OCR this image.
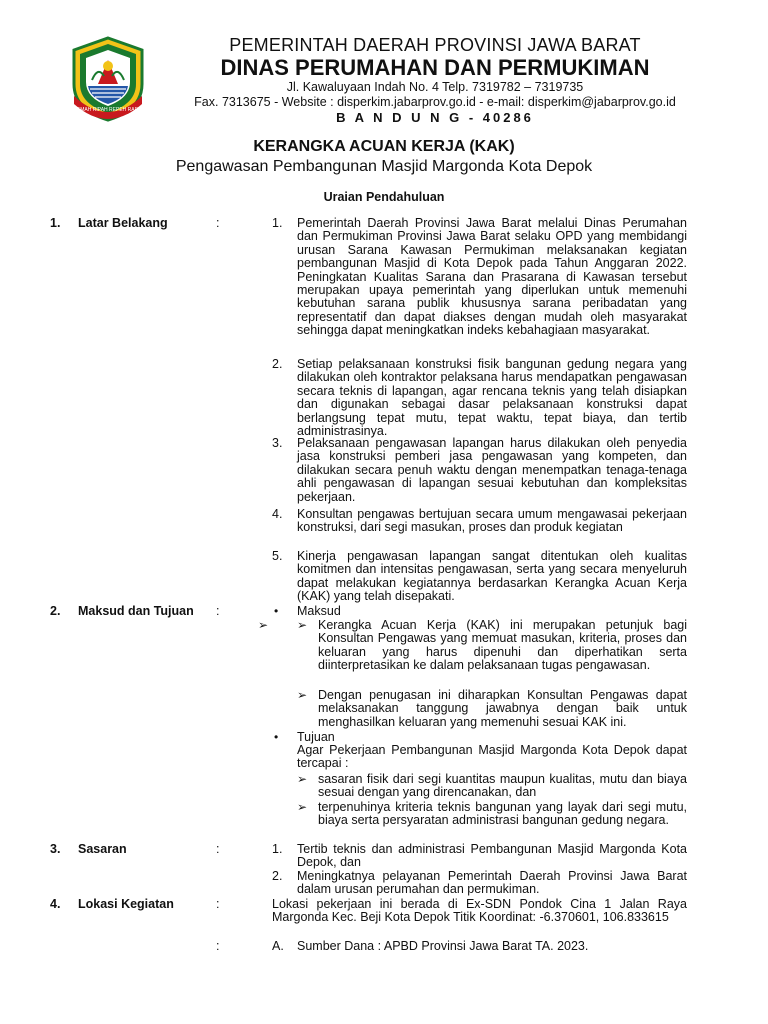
GEMAH RIPAH REPEH RAPIH
PEMERINTAH DAERAH PROVINSI JAWA BARAT
DINAS PERUMAHAN DAN PERMUKIMAN
Jl. Kawaluyaan Indah No. 4 Telp. 7319782 – 7319735
Fax. 7313675 - Website : disperkim.jabarprov.go.id - e-mail: disperkim@jabarprov.go.id
B A N D U N G - 40286
KERANGKA ACUAN KERJA (KAK)
Pengawasan Pembangunan Masjid Margonda Kota Depok
Uraian Pendahuluan
1. Latar Belakang	:	1.	Pemerintah Daerah Provinsi Jawa Barat melalui Dinas Perumahan dan Permukiman Provinsi Jawa Barat selaku OPD yang membidangi urusan Sarana Kawasan Permukiman melaksanakan kegiatan pembangunan Masjid di Kota Depok pada Tahun Anggaran 2022. Peningkatan Kualitas Sarana dan Prasarana di Kawasan tersebut merupakan upaya pemerintah yang diperlukan untuk memenuhi kebutuhan sarana publik khususnya sarana peribadatan yang representatif dan dapat diakses dengan mudah oleh masyarakat sehingga dapat meningkatkan indeks kebahagiaan masyarakat.
2.	Setiap pelaksanaan konstruksi fisik bangunan gedung negara yang dilakukan oleh kontraktor pelaksana harus mendapatkan pengawasan secara teknis di lapangan, agar rencana teknis yang telah disiapkan dan digunakan sebagai dasar pelaksanaan konstruksi dapat berlangsung tepat mutu, tepat waktu, tepat biaya, dan tertib administrasinya.
3.	Pelaksanaan pengawasan lapangan harus dilakukan oleh penyedia jasa konstruksi pemberi jasa pengawasan yang kompeten, dan dilakukan secara penuh waktu dengan menempatkan tenaga-tenaga ahli pengawasan di lapangan sesuai kebutuhan dan kompleksitas pekerjaan.
4.	Konsultan pengawas bertujuan secara umum mengawasai pekerjaan konstruksi, dari segi masukan, proses dan produk kegiatan
5.	Kinerja pengawasan lapangan sangat ditentukan oleh kualitas komitmen dan intensitas pengawasan, serta yang secara menyeluruh dapat melakukan kegiatannya berdasarkan Kerangka Acuan Kerja (KAK) yang telah disepakati.
2. Maksud dan Tujuan	:	• Maksud
➢ ➢ Kerangka Acuan Kerja (KAK) ini merupakan petunjuk bagi Konsultan Pengawas yang memuat masukan, kriteria, proses dan keluaran yang harus dipenuhi dan diperhatikan serta diinterpretasikan ke dalam pelaksanaan tugas pengawasan.
➢ Dengan penugasan ini diharapkan Konsultan Pengawas dapat melaksanakan tanggung jawabnya dengan baik untuk menghasilkan keluaran yang memenuhi sesuai KAK ini.
• Tujuan
Agar Pekerjaan Pembangunan Masjid Margonda Kota Depok dapat tercapai :
➢ sasaran fisik dari segi kuantitas maupun kualitas, mutu dan biaya sesuai dengan yang direncanakan, dan
➢ terpenuhinya kriteria teknis bangunan yang layak dari segi mutu, biaya serta persyaratan administrasi bangunan gedung negara.
3. Sasaran	:	1.	Tertib teknis dan administrasi Pembangunan Masjid Margonda Kota Depok, dan
2.	Meningkatnya pelayanan Pemerintah Daerah Provinsi Jawa Barat dalam urusan perumahan dan permukiman.
4. Lokasi Kegiatan	:	Lokasi pekerjaan ini berada di Ex-SDN Pondok Cina 1 Jalan Raya Margonda Kec. Beji Kota Depok Titik Koordinat: -6.370601, 106.833615
:	A.	Sumber Dana : APBD Provinsi Jawa Barat TA. 2023.
